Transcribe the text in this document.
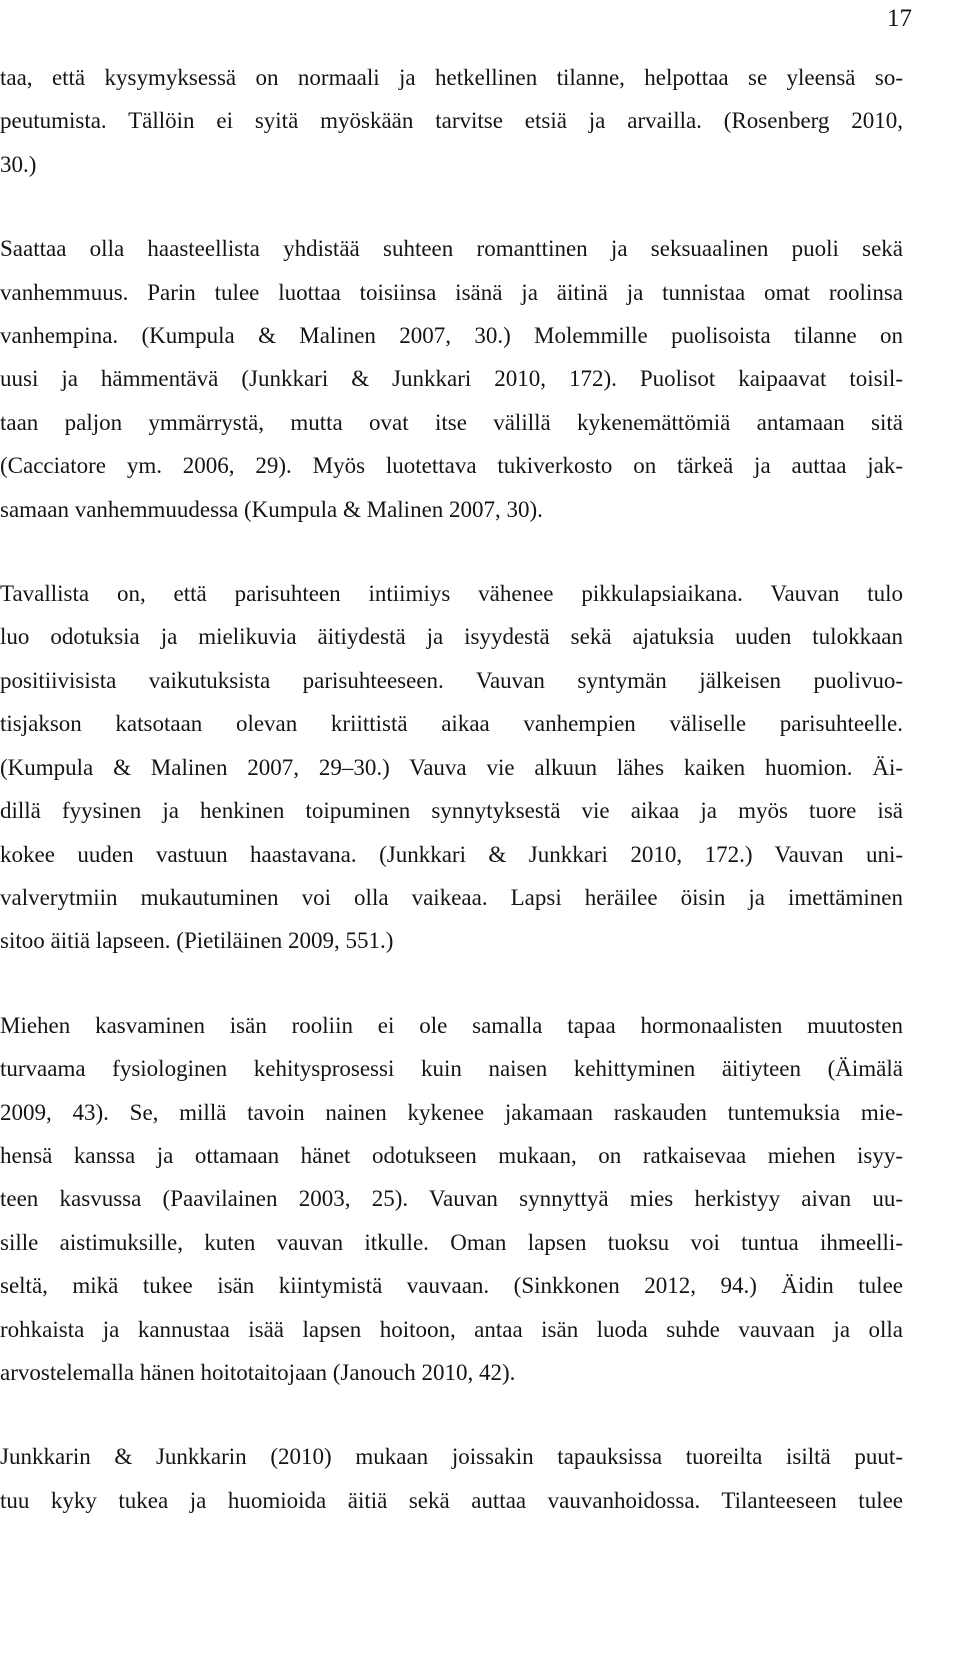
17

taa, että kysymyksessä on normaali ja hetkellinen tilanne, helpottaa se yleensä so-
peutumista. Tällöin ei syitä myöskään tarvitse etsiä ja arvailla. (Rosenberg 2010,
30.)

Saattaa olla haasteellista yhdistää suhteen romanttinen ja seksuaalinen puoli sekä
vanhemmuus. Parin tulee luottaa toisiinsa isänä ja äitinä ja tunnistaa omat roolinsa
vanhempina. (Kumpula & Malinen 2007, 30.) Molemmille puolisoista tilanne on
uusi ja hämmentävä (Junkkari & Junkkari 2010, 172). Puolisot kaipaavat toisil-
taan paljon ymmärrystä, mutta ovat itse välillä kykenemättömiä antamaan sitä
(Cacciatore ym. 2006, 29). Myös luotettava tukiverkosto on tärkeä ja auttaa jak-
samaan vanhemmuudessa (Kumpula & Malinen 2007, 30).

Tavallista on, että parisuhteen intiimiys vähenee pikkulapsiaikana. Vauvan tulo
luo odotuksia ja mielikuvia äitiydestä ja isyydestä sekä ajatuksia uuden tulokkaan
positiivisista vaikutuksista parisuhteeseen. Vauvan syntymän jälkeisen puolivuo-
tisjakson katsotaan olevan kriittistä aikaa vanhempien väliselle parisuhteelle.
(Kumpula & Malinen 2007, 29–30.) Vauva vie alkuun lähes kaiken huomion. Äi-
dillä fyysinen ja henkinen toipuminen synnytyksestä vie aikaa ja myös tuore isä
kokee uuden vastuun haastavana. (Junkkari & Junkkari 2010, 172.) Vauvan uni-
valverytmiin mukautuminen voi olla vaikeaa. Lapsi heräilee öisin ja imettäminen
sitoo äitiä lapseen. (Pietiläinen 2009, 551.)

Miehen kasvaminen isän rooliin ei ole samalla tapaa hormonaalisten muutosten
turvaama fysiologinen kehitysprosessi kuin naisen kehittyminen äitiyteen (Äimälä
2009, 43). Se, millä tavoin nainen kykenee jakamaan raskauden tuntemuksia mie-
hensä kanssa ja ottamaan hänet odotukseen mukaan, on ratkaisevaa miehen isyy-
teen kasvussa (Paavilainen 2003, 25). Vauvan synnyttyä mies herkistyy aivan uu-
sille aistimuksille, kuten vauvan itkulle. Oman lapsen tuoksu voi tuntua ihmeelli-
seltä, mikä tukee isän kiintymistä vauvaan. (Sinkkonen 2012, 94.) Äidin tulee
rohkaista ja kannustaa isää lapsen hoitoon, antaa isän luoda suhde vauvaan ja olla
arvostelemalla hänen hoitotaitojaan (Janouch 2010, 42).

Junkkarin & Junkkarin (2010) mukaan joissakin tapauksissa tuoreilta isiltä puut-
tuu kyky tukea ja huomioida äitiä sekä auttaa vauvanhoidossa. Tilanteeseen tulee
